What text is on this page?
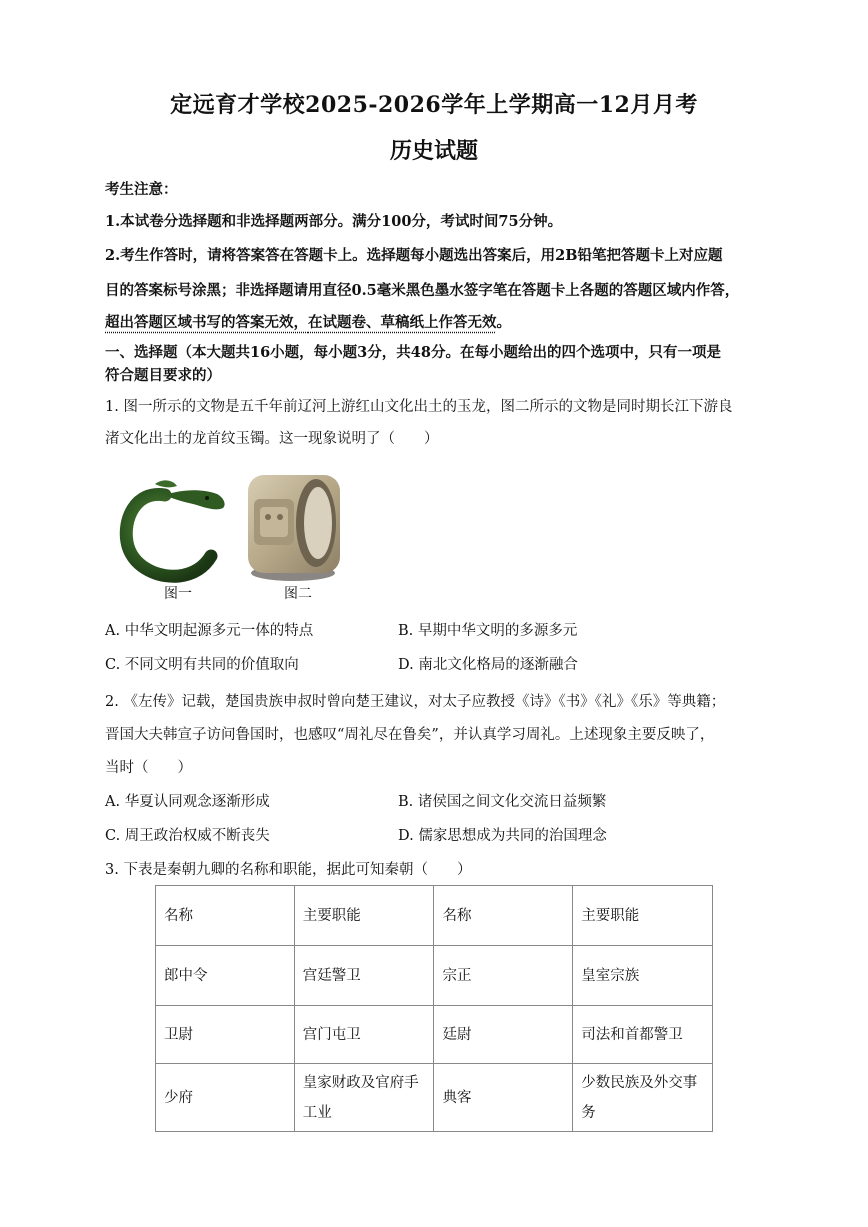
定远育才学校2025-2026学年上学期高一12月月考
历史试题
考生注意：
1.本试卷分选择题和非选择题两部分。满分100分，考试时间75分钟。
2.考生作答时，请将答案答在答题卡上。选择题每小题选出答案后，用2B铅笔把答题卡上对应题
目的答案标号涂黑；非选择题请用直径0.5毫米黑色墨水签字笔在答题卡上各题的答题区域内作答，
超出答题区域书写的答案无效，在试题卷、草稿纸上作答无效。
一、选择题（本大题共16小题，每小题3分，共48分。在每小题给出的四个选项中，只有一项是
符合题目要求的）
1. 图一所示的文物是五千年前辽河上游红山文化出土的玉龙，图二所示的文物是同时期长江下游良
渚文化出土的龙首纹玉镯。这一现象说明了（　　）
图一	图二
A. 中华文明起源多元一体的特点	B. 早期中华文明的多源多元
C. 不同文明有共同的价值取向	D. 南北文化格局的逐渐融合
2. 《左传》记载，楚国贵族申叔时曾向楚王建议，对太子应教授《诗》《书》《礼》《乐》等典籍；
晋国大夫韩宣子访问鲁国时，也感叹“周礼尽在鲁矣”，并认真学习周礼。上述现象主要反映了，
当时（　　）
A. 华夏认同观念逐渐形成	B. 诸侯国之间文化交流日益频繁
C. 周王政治权威不断丧失	D. 儒家思想成为共同的治国理念
3. 下表是秦朝九卿的名称和职能，据此可知秦朝（　　）
名称	主要职能	名称	主要职能
郎中令	宫廷警卫	宗正	皇室宗族
卫尉	宫门屯卫	廷尉	司法和首都警卫
少府	皇家财政及官府手工业	典客	少数民族及外交事务
